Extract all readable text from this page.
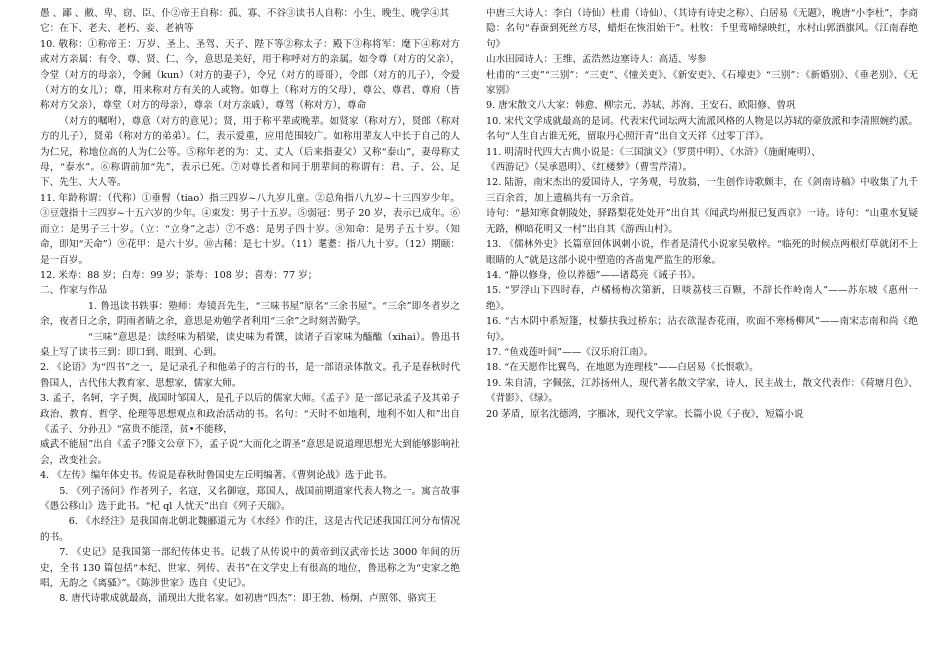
愚 、鄙 、敝、卑、窃、臣、仆②帝王自称：孤、寡、不谷③读书人自称：小生、晚生、晚学④其

它：在下、老夫、老朽、妾、老衲等

10. 敬称：①称帝王：万岁、圣上、圣驾、天子、陛下等②称太子：殿下③称将军：麾下④称对方或对方亲属：有令、尊、贤、仁、今，意思是美好，用于称呼对方的亲属。如令尊（对方的父亲），令堂（对方的母亲），令阃（kun）（对方的妻子），令兄（对方的哥哥），令郎（对方的儿子），令爱（对方的女儿）；尊，用来称对方有关的人或物。如尊上（称对方的父母），尊公、尊君、尊府（皆称对方父亲），尊堂（对方的母亲），尊亲（对方亲戚），尊驾（称对方），尊命

（对方的嘱咐），尊意（对方的意见）；贤，用于称平辈或晚辈。如贤家（称对方），贤郎（称对方的儿子），贤弟（称对方的弟弟）。仁，表示爱重，应用范围较广。如称用辈友人中长于自己的人为仁兄，称地位高的人为仁公等。⑤称年老的为：丈、丈人（后来指妻父）又称“泰山”，妻母称丈母，“泰水”。⑥称谓前加“先”，表示已死。⑦对尊长者和同于朋辈间的称谓有：君、子、公、足下、先生、大人等。

11. 年龄称谓：（代称）①垂髫（tiao）指三四岁~八九岁儿童。②总角指八九岁~十三四岁少年。③豆蔻指十三四岁~十五六岁的少年。④束发：男子十五岁。⑤弱冠：男子 20 岁，表示已成年。⑥而立：是男子三十岁。（立：“立身”之志）⑦不惑：是男子四十岁。⑧知命：是男子五十岁。（知命，即知“天命”）⑨花甲：是六十岁。⑩古稀：是七十岁。（11）耄耋：指八九十岁。（12）期颐：是一百岁。

12. 米寿：88 岁；白寿：99 岁；茶寿：108 岁；喜寿：77 岁；

二、作家与作品

1. 鲁迅读书轶事：塾师：寿镜吾先生，“三味书屋”原名“三余书屋”。“三余”即冬者岁之余，夜者日之余，阴雨者睛之余，意思是劝勉学者利用“三余”之时刻苦勤学。

“三味”意思是：读经味为稻梁，读史味为肴馔，读诸子百家味为醯醢（xihai）。鲁迅书桌上写了读书三到：即口到、眼到、心到。

2. 《论语》为“四书”之一，是记录孔子和他弟子的言行的书，是一部语录体散文。孔子是春秋时代鲁国人，古代伟大教育家、思想家，儒家大师。

3. 孟子，名轲，字子舆，战国时邹国人，是孔子以后的儒家大师。《孟子》是一部记录孟子及其弟子政治、教育、哲学、伦理等思想观点和政治活动的书。名句：“天时不如地利，地利不如人和”出自《孟子、分孙丑》“富贵不能淫，贫•不能移，

威武不能屈”出自《孟子?滕文公章下》，孟子说“大而化之谓圣”意思是说道理思想光大到能够影响社会，改变社会。

4. 《左传》编年体史书。传说是春秋时鲁国史左丘明编著。《曹刿论战》选于此书。

5. 《列子汤问》作者列子，名寇，又名御寇，郑国人，战国前期道家代表人物之一。寓言故事《愚公移山》选于此书。“杞 ql 人忧天”出自《列子天瑞》。

6. 《水经注》是我国南北朝北魏郦道元为《水经》作的注，这是古代记述我国江河分布情况的书。

7. 《史记》是我国第一部纪传体史书。记载了从传说中的黄帝到汉武帝长达 3000 年间的历史，全书 130 篇包括“本纪、世家、列传、表书”在文学史上有很高的地位，鲁迅称之为“史家之绝唱，无韵之《离骚》”。《陈涉世家》选自《史记》。

8. 唐代诗歌成就最高，涌现出大批名家。如初唐“四杰”：即王勃、杨炯、卢照邻、骆宾王

中唐三大诗人：李白（诗仙）杜甫（诗仙）、（其诗有诗史之称）、白居易《无题》，晚唐“小李杜”，李商隐：名句“春蚕到死丝方尽，蜡炬在恢泪始干”。杜牧：千里莺啼绿映红，水村山郭酒旗风。《江南春绝句》

山水田园诗人：王维、孟浩然边塞诗人：高适、岑参

杜甫的“三吏”“三别”：“三吏”、《憧关吏》、《新安吏》、《石壕吏》“三别”：《新婚别》、《垂老别》、《无家别》

9. 唐宋散文八大家：韩愈、柳宗元、苏轼、苏洵、王安石、欧阳修、曾巩

10. 宋代文学成就最高的是词。代表宋代词坛两大流派风格的人物是以苏轼的豪放派和李清照婉约派。名句“人生自古谁无死，留取丹心照汗青”出自文天祥《过零丁洋》。

11. 明清时代四大古典小说是：《三国演义》（罗贯中明）、《水浒》（施耐庵明）、

《西游记》（吴承恩明）、《红楼梦》（曹雪芹清）。

12. 陆游，南宋杰出的爱国诗人，字务观，号放翁，一生创作诗歌颇丰，在《剑南诗稿》中收集了九千三百余首，加上遗稿共有一万余首。

诗句：“悬知寒食朝陵处，驿路梨花处处开”出自其《闻武均州报已复西京》一诗。诗句：“山重水复疑无路，柳暗花明又一村”出自其《游西山村》。

13. 《儒林外史》长篇章回体讽刺小说，作者是清代小说家吴敬梓。“临死的时候点两根灯草就闭不上眼睛的人”就是这部小说中塑造的吝啬鬼严监生的形象。

14. “静以修身，俭以养德”——诸葛亮《诫子书》。

15. “罗浮山下四时春，卢橘杨梅次第新，日啖荔枝三百颗，不辞长作岭南人”——苏东坡《惠州一绝》。

16. “古木阴中系短篷，杖藜扶我过桥东；沾衣欲湿杏花雨，吹面不寒杨柳风”——南宋志南和尚《绝句》。

17. “鱼戏莲叶间”——《汉乐府江南》。

18. “在天愿作比翼鸟，在地愿为连理枝”——白居易《长恨歌》。

19. 朱自清，字佩弦，江苏扬州人，现代著名散文学家，诗人，民主战士，散文代表作：《荷塘月色》、《背影》、《绿》。

20 茅盾，原名沈德鸿，字雁冰，现代文学家。长篇小说《子夜》，短篇小说
